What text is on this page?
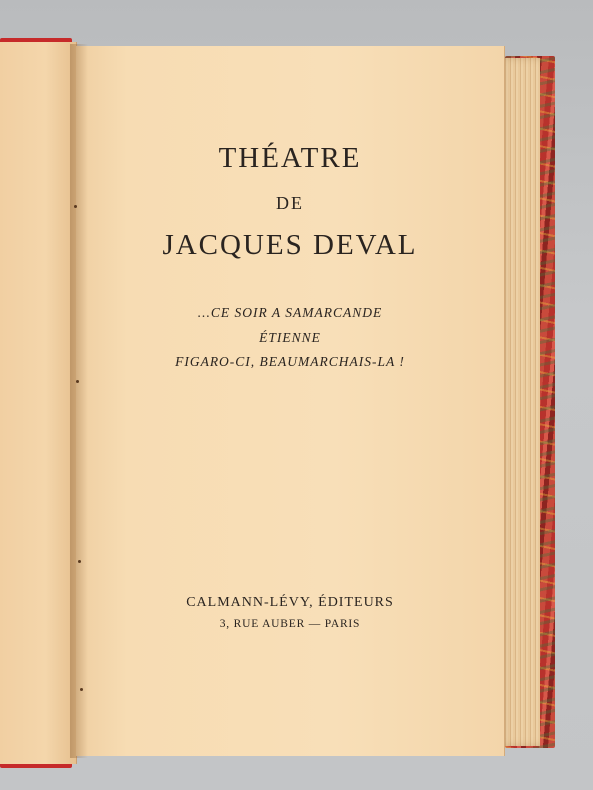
THÉATRE
DE
JACQUES DEVAL
...CE SOIR A SAMARCANDE
ÉTIENNE
FIGARO-CI, BEAUMARCHAIS-LA !
CALMANN-LÉVY, ÉDITEURS
3, RUE AUBER — PARIS
